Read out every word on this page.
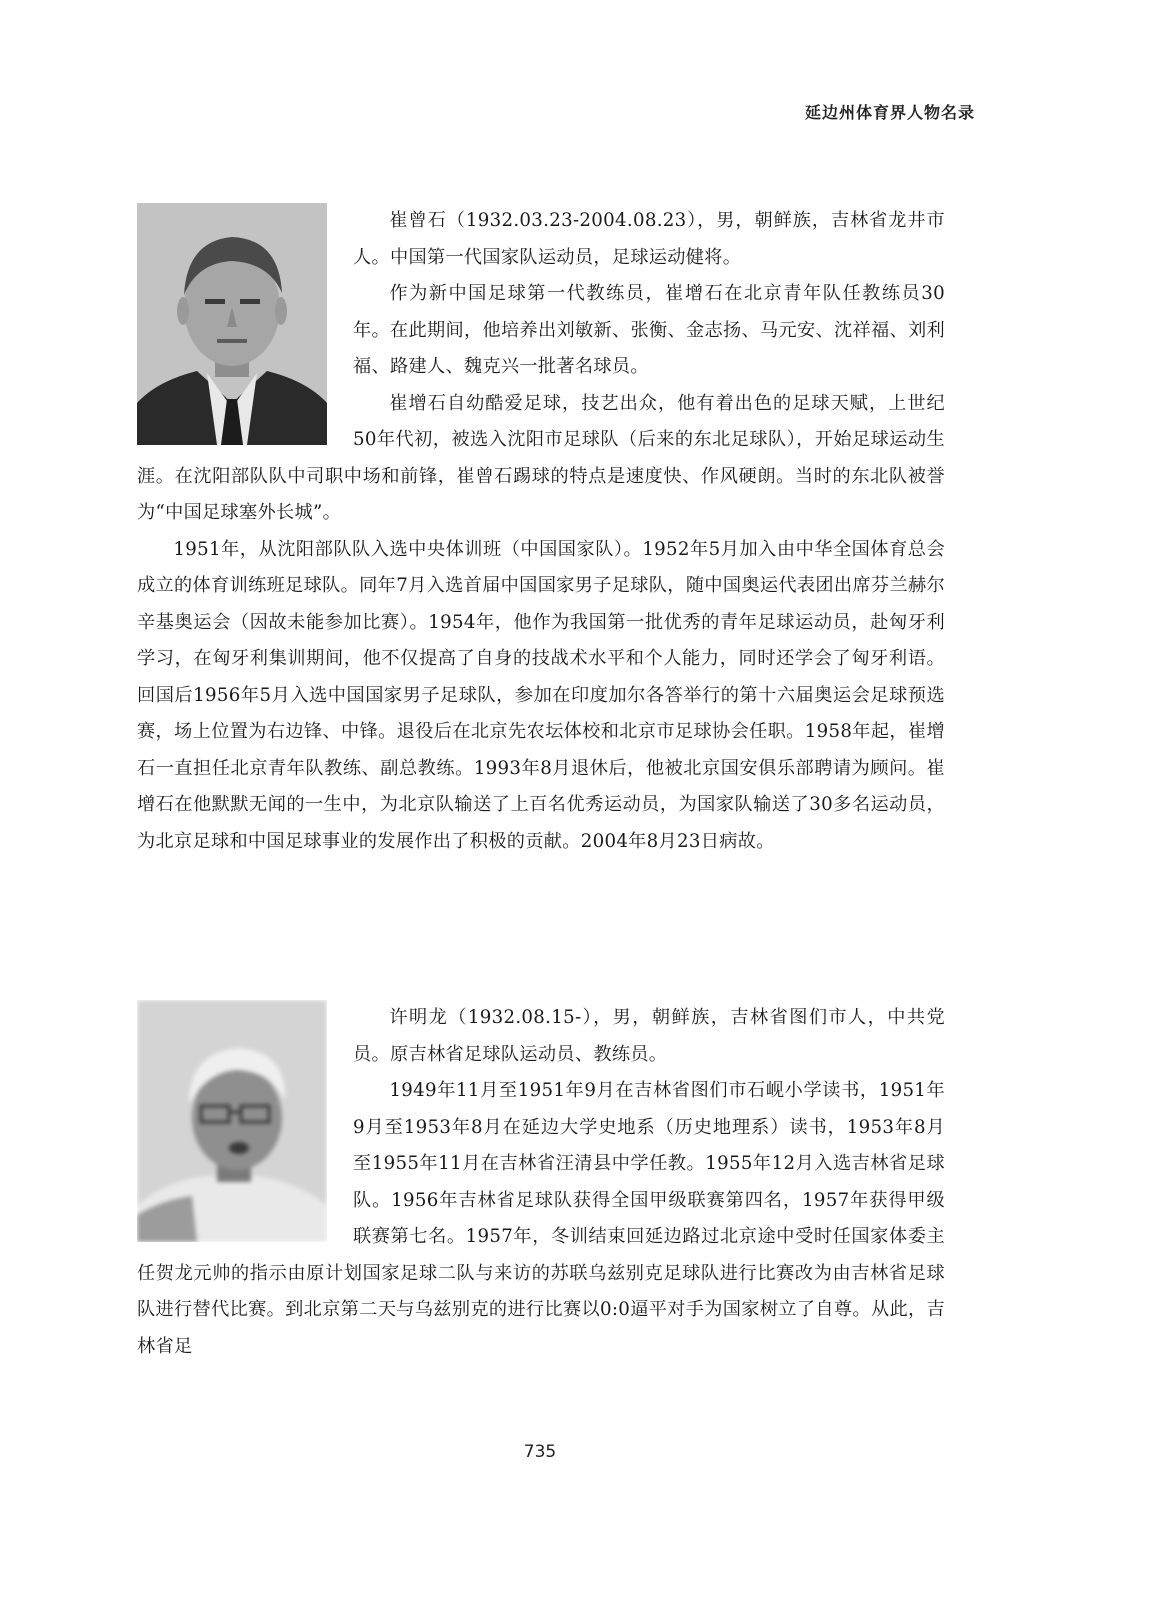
延边州体育界人物名录

崔曾石（1932.03.23-2004.08.23），男，朝鲜族，吉林省龙井市人。中国第一代国家队运动员，足球运动健将。

作为新中国足球第一代教练员，崔增石在北京青年队任教练员30年。在此期间，他培养出刘敏新、张衡、金志扬、马元安、沈祥福、刘利福、路建人、魏克兴一批著名球员。

崔增石自幼酷爱足球，技艺出众，他有着出色的足球天赋，上世纪50年代初，被选入沈阳市足球队（后来的东北足球队），开始足球运动生涯。在沈阳部队队中司职中场和前锋，崔曾石踢球的特点是速度快、作风硬朗。当时的东北队被誉为“中国足球塞外长城”。

1951年，从沈阳部队队入选中央体训班（中国国家队）。1952年5月加入由中华全国体育总会成立的体育训练班足球队。同年7月入选首届中国国家男子足球队，随中国奥运代表团出席芬兰赫尔辛基奥运会（因故未能参加比赛）。1954年，他作为我国第一批优秀的青年足球运动员，赴匈牙利学习，在匈牙利集训期间，他不仅提高了自身的技战术水平和个人能力，同时还学会了匈牙利语。回国后1956年5月入选中国国家男子足球队，参加在印度加尔各答举行的第十六届奥运会足球预选赛，场上位置为右边锋、中锋。退役后在北京先农坛体校和北京市足球协会任职。1958年起，崔增石一直担任北京青年队教练、副总教练。1993年8月退休后，他被北京国安俱乐部聘请为顾问。崔增石在他默默无闻的一生中，为北京队输送了上百名优秀运动员，为国家队输送了30多名运动员，为北京足球和中国足球事业的发展作出了积极的贡献。2004年8月23日病故。

许明龙（1932.08.15-），男，朝鲜族，吉林省图们市人，中共党员。原吉林省足球队运动员、教练员。

1949年11月至1951年9月在吉林省图们市石岘小学读书，1951年9月至1953年8月在延边大学史地系（历史地理系）读书，1953年8月至1955年11月在吉林省汪清县中学任教。1955年12月入选吉林省足球队。1956年吉林省足球队获得全国甲级联赛第四名，1957年获得甲级联赛第七名。1957年，冬训结束回延边路过北京途中受时任国家体委主任贺龙元帅的指示由原计划国家足球二队与来访的苏联乌兹别克足球队进行比赛改为由吉林省足球队进行替代比赛。到北京第二天与乌兹别克的进行比赛以0:0逼平对手为国家树立了自尊。从此，吉林省足

735
